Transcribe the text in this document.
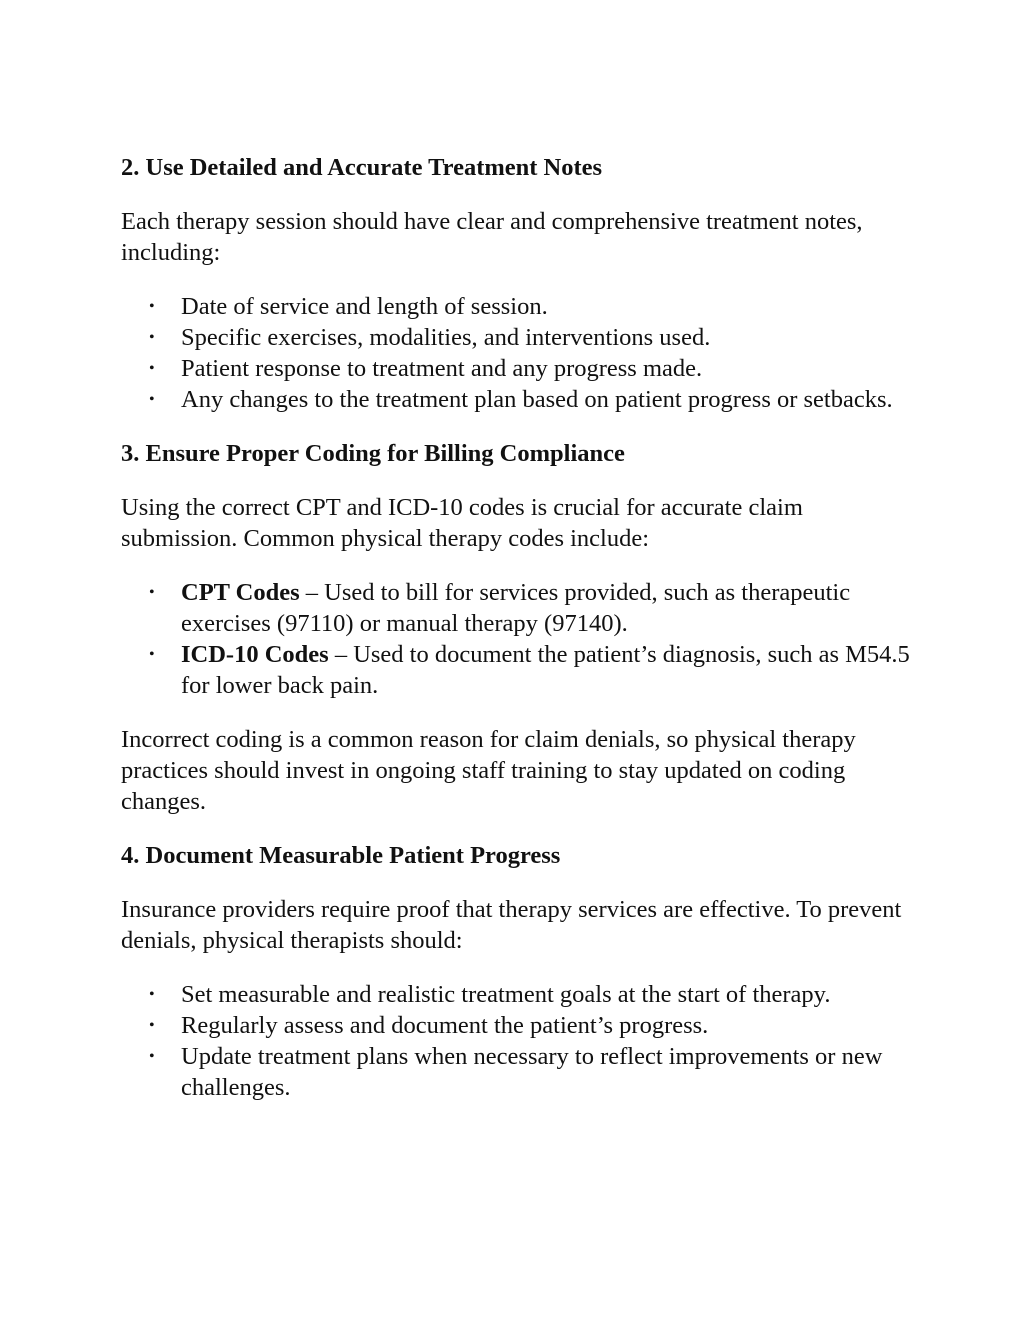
2. Use Detailed and Accurate Treatment Notes

Each therapy session should have clear and comprehensive treatment notes, including:

• Date of service and length of session.
• Specific exercises, modalities, and interventions used.
• Patient response to treatment and any progress made.
• Any changes to the treatment plan based on patient progress or setbacks.
3. Ensure Proper Coding for Billing Compliance

Using the correct CPT and ICD-10 codes is crucial for accurate claim submission. Common physical therapy codes include:

• CPT Codes – Used to bill for services provided, such as therapeutic exercises (97110) or manual therapy (97140).
• ICD-10 Codes – Used to document the patient’s diagnosis, such as M54.5 for lower back pain.

Incorrect coding is a common reason for claim denials, so physical therapy practices should invest in ongoing staff training to stay updated on coding changes.

4. Document Measurable Patient Progress

Insurance providers require proof that therapy services are effective. To prevent denials, physical therapists should:

• Set measurable and realistic treatment goals at the start of therapy.
• Regularly assess and document the patient’s progress.
• Update treatment plans when necessary to reflect improvements or new challenges.
